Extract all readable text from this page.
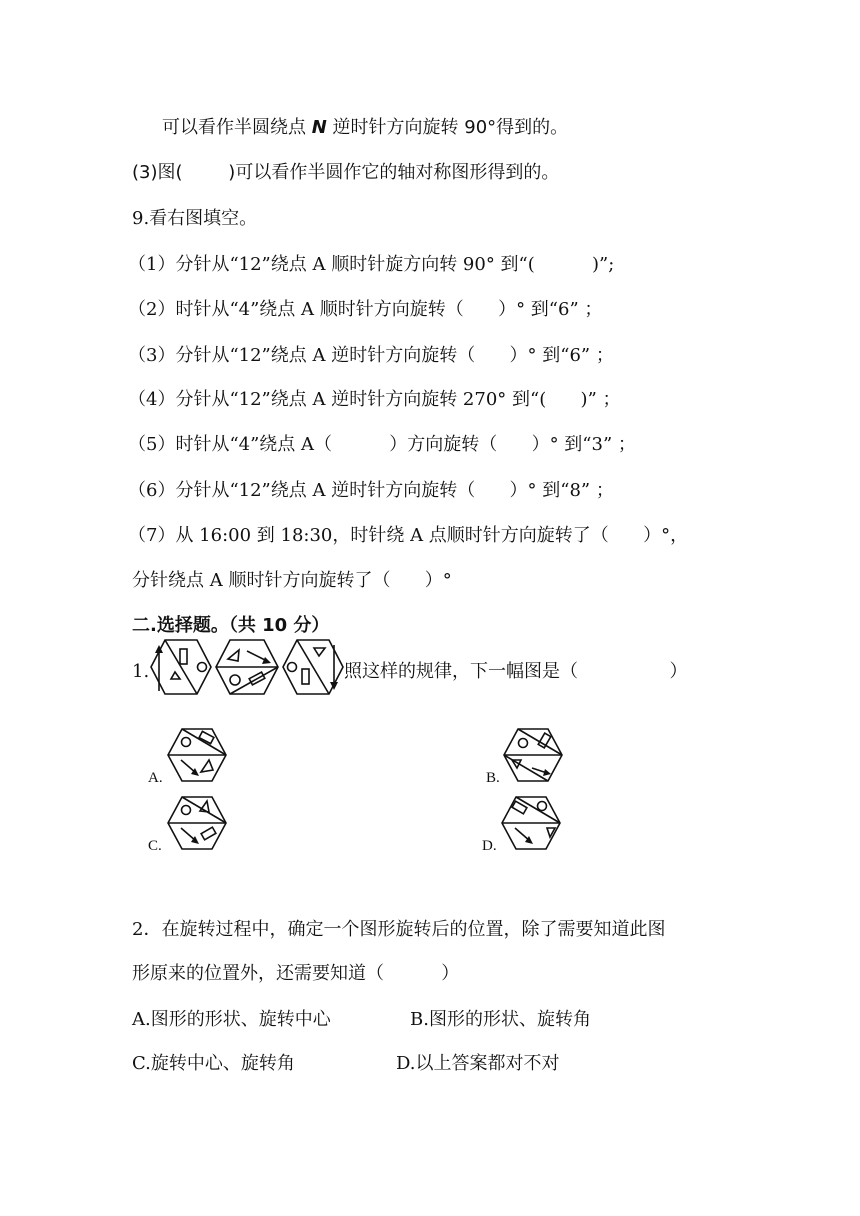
可以看作半圆绕点 N 逆时针方向旋转 90°得到的。
(3)图(        )可以看作半圆作它的轴对称图形得到的。
9.看右图填空。
（1）分针从“12”绕点 A 顺时针旋方向转 90° 到“(          )”;
（2）时针从“4”绕点 A 顺时针方向旋转（      ）° 到“6” ；
（3）分针从“12”绕点 A 逆时针方向旋转（      ）° 到“6” ；
（4）分针从“12”绕点 A 逆时针方向旋转 270° 到“(      )” ；
（5）时针从“4”绕点 A（          ）方向旋转（      ）° 到“3” ；
（6）分针从“12”绕点 A 逆时针方向旋转（      ）° 到“8” ；
（7）从 16:00 到 18:30，时针绕 A 点顺时针方向旋转了（      ）°，
分针绕点 A 顺时针方向旋转了（      ）°
二.选择题。（共 10 分）
1.	照这样的规律，下一幅图是（                ）
A.	B.
C.	D.
2．在旋转过程中，确定一个图形旋转后的位置，除了需要知道此图
形原来的位置外，还需要知道（          ）
A.图形的形状、旋转中心	B.图形的形状、旋转角
C.旋转中心、旋转角	D.以上答案都对不对
